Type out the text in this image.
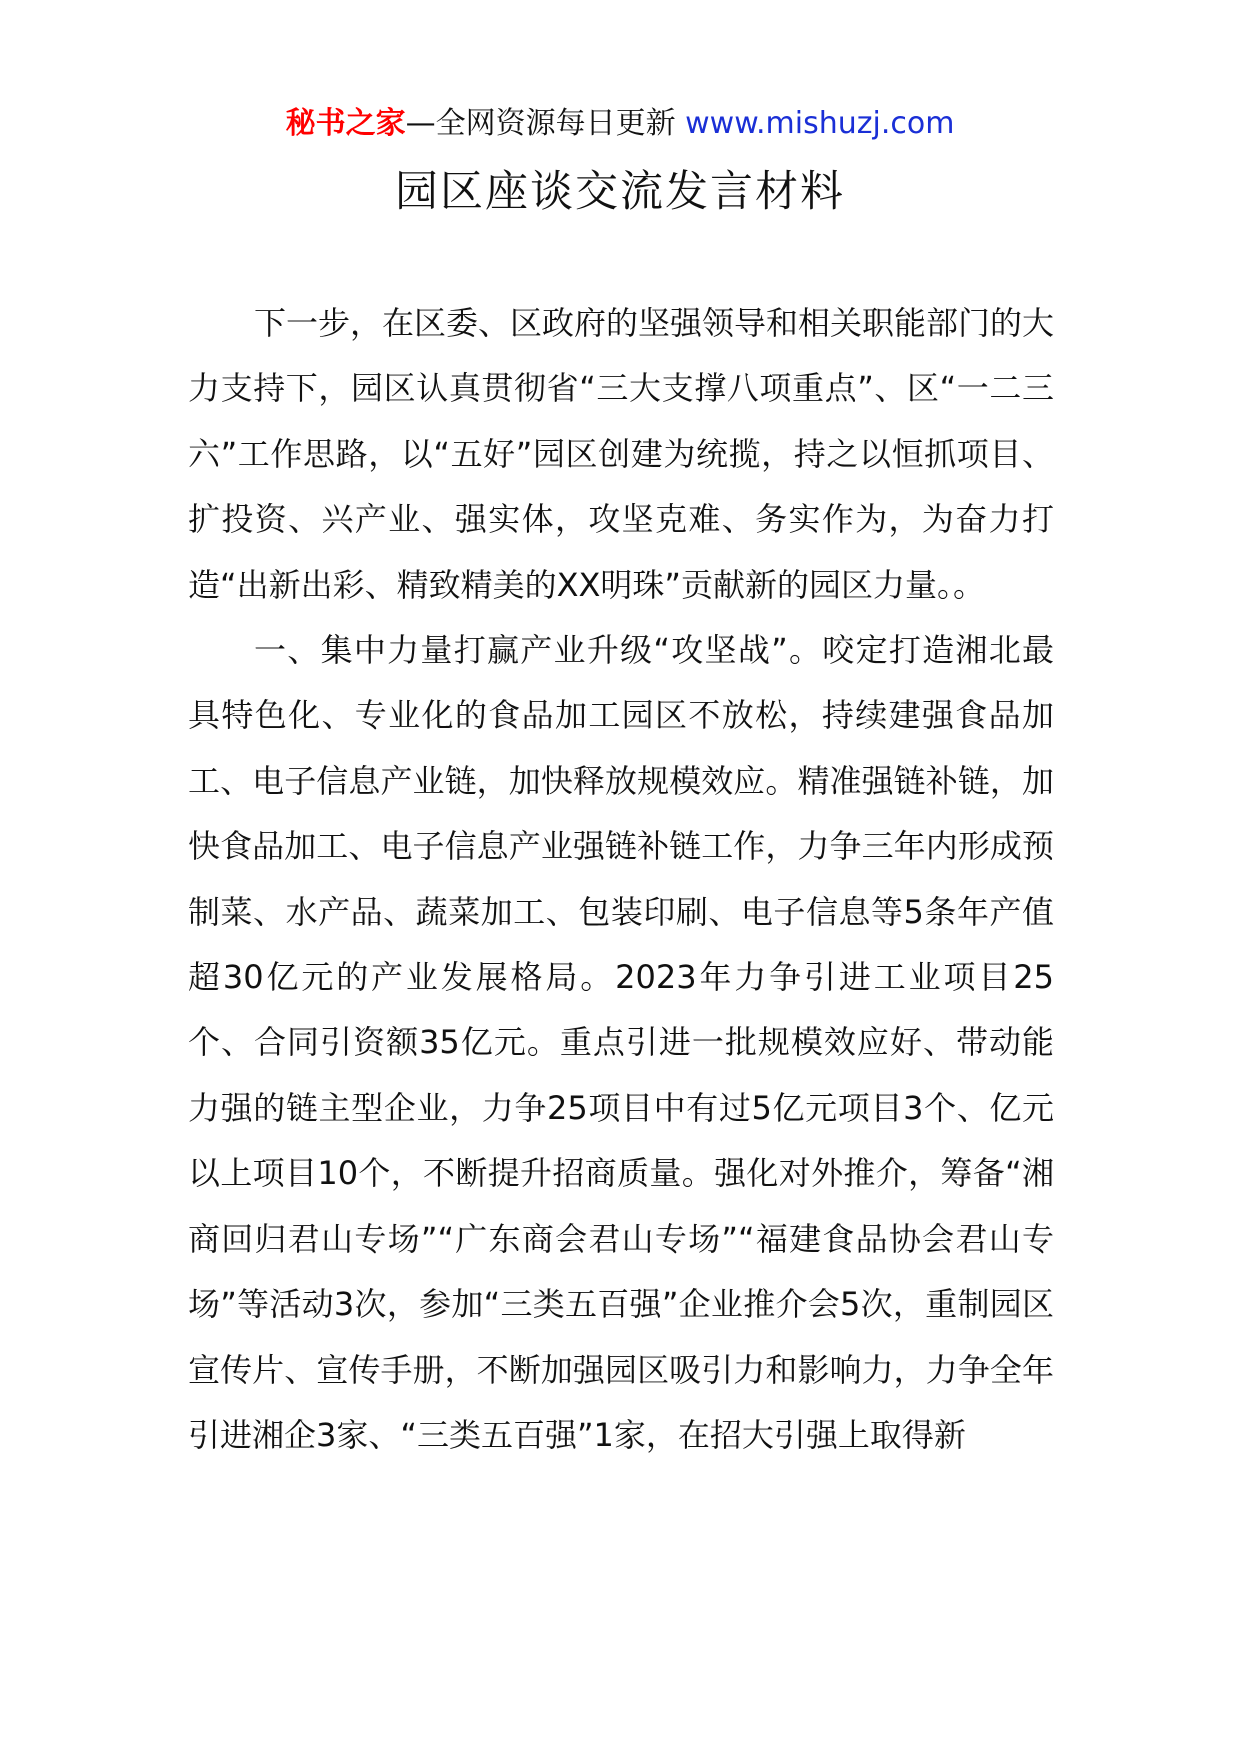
秘书之家—全网资源每日更新 www.mishuzj.com
园区座谈交流发言材料

下一步，在区委、区政府的坚强领导和相关职能部门的大力支持下，园区认真贯彻省“三大支撑八项重点”、区“一二三六”工作思路，以“五好”园区创建为统揽，持之以恒抓项目、扩投资、兴产业、强实体，攻坚克难、务实作为，为奋力打造“出新出彩、精致精美的XX明珠”贡献新的园区力量。。

一、集中力量打赢产业升级“攻坚战”。咬定打造湘北最具特色化、专业化的食品加工园区不放松，持续建强食品加工、电子信息产业链，加快释放规模效应。精准强链补链，加快食品加工、电子信息产业强链补链工作，力争三年内形成预制菜、水产品、蔬菜加工、包装印刷、电子信息等5条年产值超30亿元的产业发展格局。2023年力争引进工业项目25个、合同引资额35亿元。重点引进一批规模效应好、带动能力强的链主型企业，力争25项目中有过5亿元项目3个、亿元以上项目10个，不断提升招商质量。强化对外推介，筹备“湘商回归君山专场”“广东商会君山专场”“福建食品协会君山专场”等活动3次，参加“三类五百强”企业推介会5次，重制园区宣传片、宣传手册，不断加强园区吸引力和影响力，力争全年引进湘企3家、“三类五百强”1家，在招大引强上取得新
